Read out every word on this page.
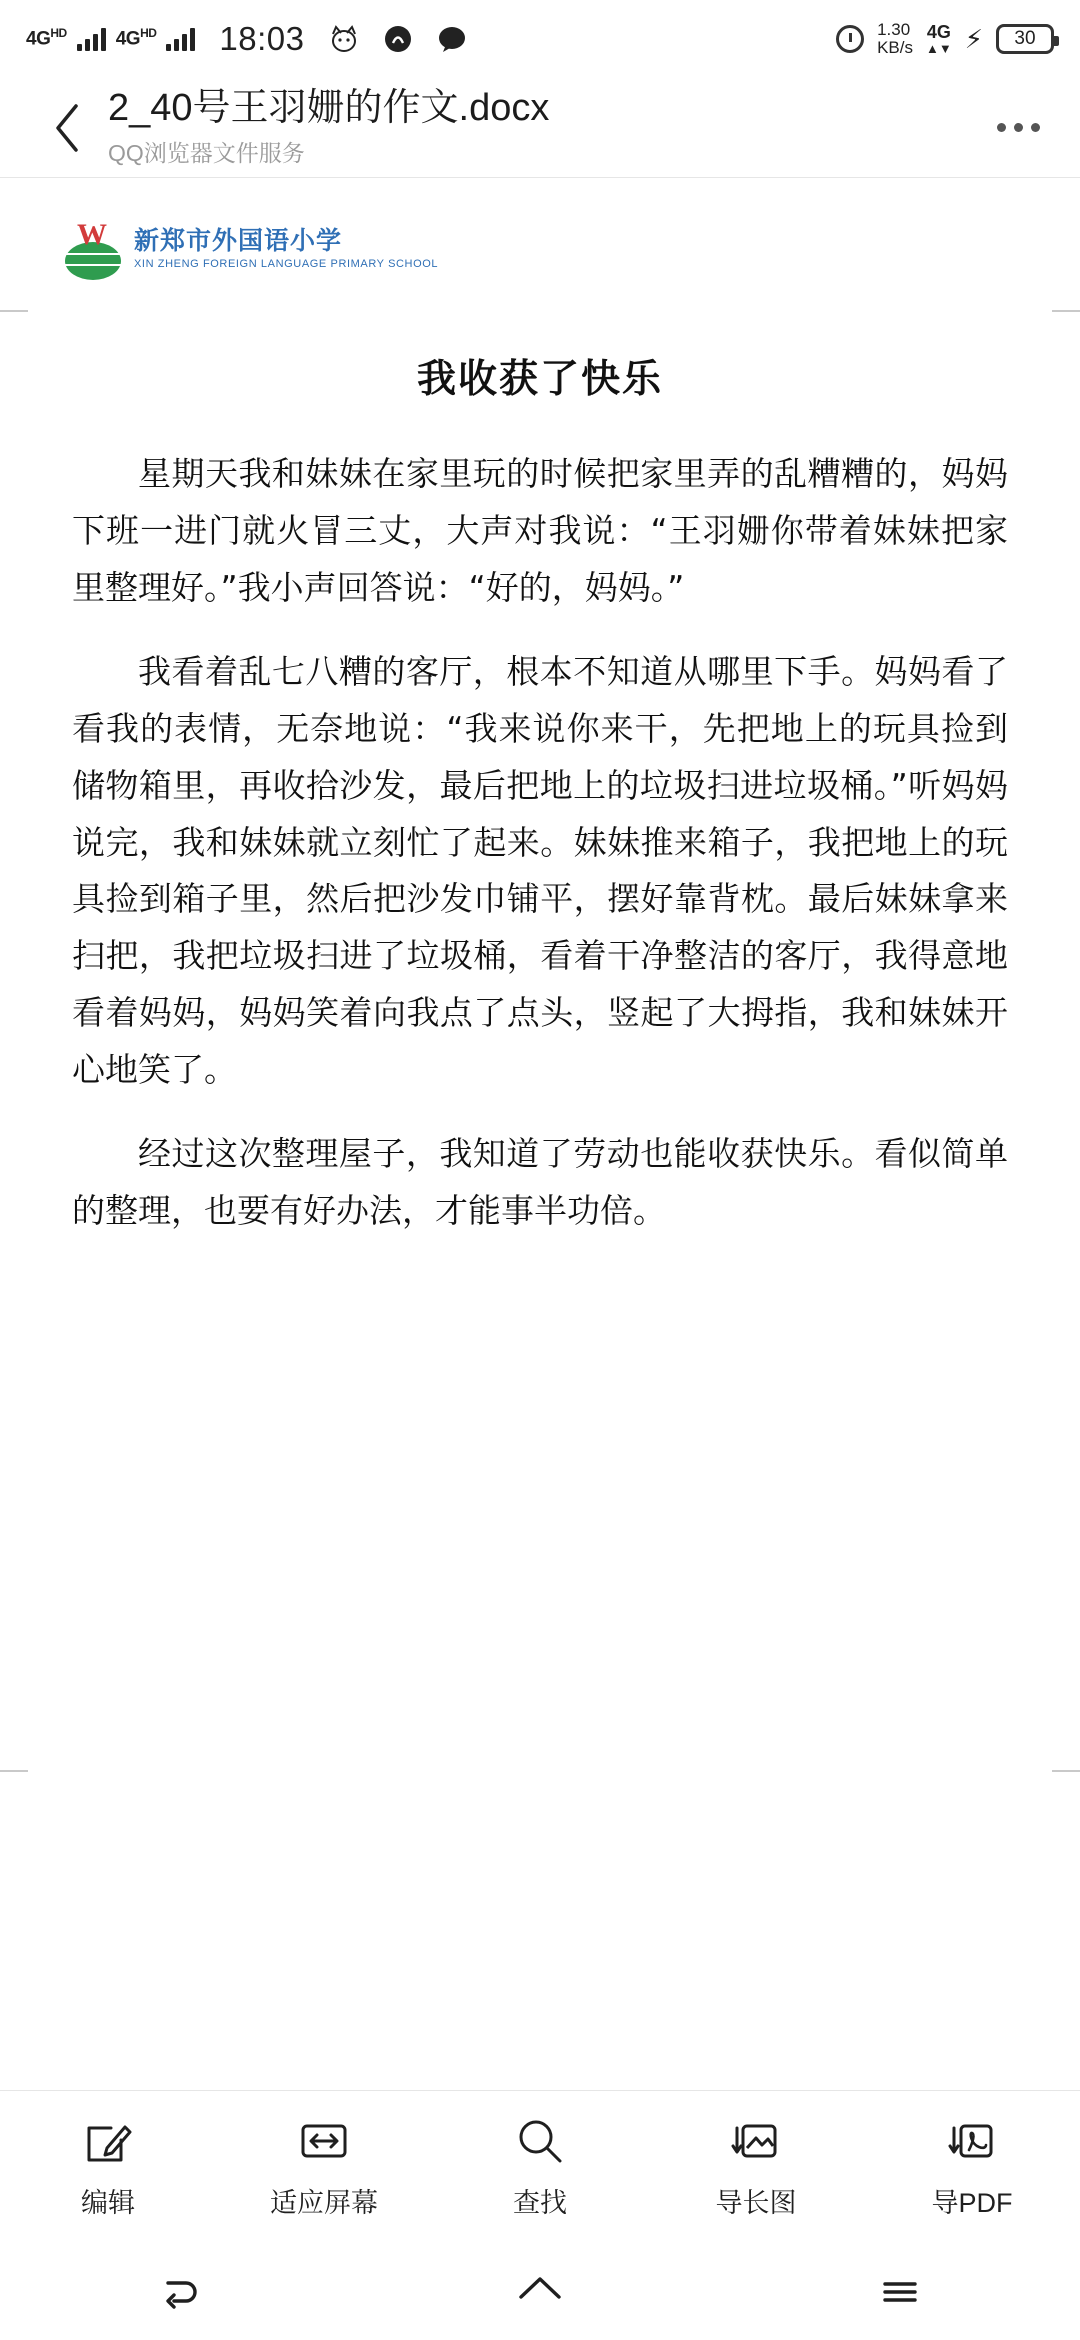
$4G^{HD}$	$4G^{HD}$ 18:03	1.30
KB/s
4G
▲▼ ⚡ 30
2_40号王羽姗的作文.docx
QQ浏览器文件服务
W 新郑市外国语小学
XIN ZHENG FOREIGN LANGUAGE PRIMARY SCHOOL
我收获了快乐

星期天我和妹妹在家里玩的时候把家里弄的乱糟糟的，妈妈下班一进门就火冒三丈，大声对我说：“王羽姗你带着妹妹把家里整理好。”我小声回答说：“好的，妈妈。”

我看着乱七八糟的客厅，根本不知道从哪里下手。妈妈看了看我的表情，无奈地说：“我来说你来干，先把地上的玩具捡到储物箱里，再收拾沙发，最后把地上的垃圾扫进垃圾桶。”听妈妈说完，我和妹妹就立刻忙了起来。妹妹推来箱子，我把地上的玩具捡到箱子里，然后把沙发巾铺平，摆好靠背枕。最后妹妹拿来扫把，我把垃圾扫进了垃圾桶，看着干净整洁的客厅，我得意地看着妈妈，妈妈笑着向我点了点头，竖起了大拇指，我和妹妹开心地笑了。

经过这次整理屋子，我知道了劳动也能收获快乐。看似简单的整理，也要有好办法，才能事半功倍。

编辑	适应屏幕	查找	导长图	导PDF
